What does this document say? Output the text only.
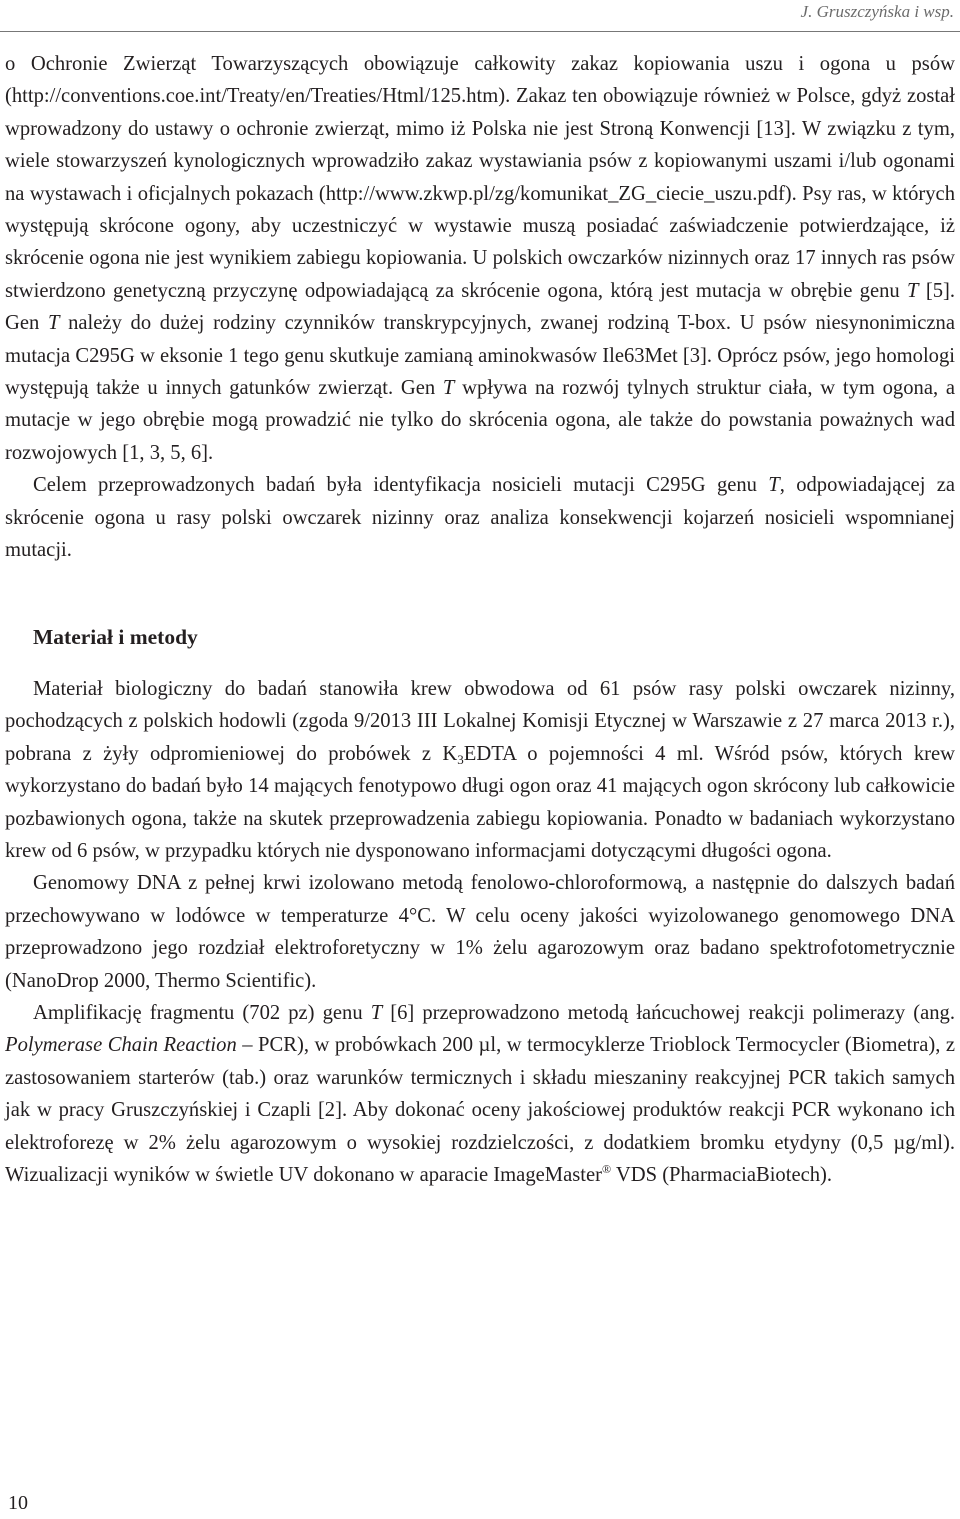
J. Gruszczyńska i wsp.

o Ochronie Zwierząt Towarzyszących obowiązuje całkowity zakaz kopiowania uszu i ogona u psów (http://conventions.coe.int/Treaty/en/Treaties/Html/125.htm). Zakaz ten obowiązuje również w Polsce, gdyż został wprowadzony do ustawy o ochronie zwierząt, mimo iż Polska nie jest Stroną Konwencji [13]. W związku z tym, wiele stowarzyszeń kynologicznych wprowadziło zakaz wystawiania psów z kopiowanymi uszami i/lub ogonami na wystawach i oficjalnych pokazach (http://www.zkwp.pl/zg/komunikat_ZG_ciecie_uszu.pdf). Psy ras, w których występują skrócone ogony, aby uczestniczyć w wystawie muszą posiadać zaświadczenie potwierdzające, iż skrócenie ogona nie jest wynikiem zabiegu kopiowania. U polskich owczarków nizinnych oraz 17 innych ras psów stwierdzono genetyczną przyczynę odpowiadającą za skrócenie ogona, którą jest mutacja w obrębie genu T [5]. Gen T należy do dużej rodziny czynników transkrypcyjnych, zwanej rodziną T-box. U psów niesynonimiczna mutacja C295G w eksonie 1 tego genu skutkuje zamianą aminokwasów Ile63Met [3]. Oprócz psów, jego homologi występują także u innych gatunków zwierząt. Gen T wpływa na rozwój tylnych struktur ciała, w tym ogona, a mutacje w jego obrębie mogą prowadzić nie tylko do skrócenia ogona, ale także do powstania poważnych wad rozwojowych [1, 3, 5, 6].

Celem przeprowadzonych badań była identyfikacja nosicieli mutacji C295G genu T, odpowiadającej za skrócenie ogona u rasy polski owczarek nizinny oraz analiza konsekwencji kojarzeń nosicieli wspomnianej mutacji.

Materiał i metody

Materiał biologiczny do badań stanowiła krew obwodowa od 61 psów rasy polski owczarek nizinny, pochodzących z polskich hodowli (zgoda 9/2013 III Lokalnej Komisji Etycznej w Warszawie z 27 marca 2013 r.), pobrana z żyły odpromieniowej do probówek z $K_3EDTA$ o pojemności 4 ml. Wśród psów, których krew wykorzystano do badań było 14 mających fenotypowo długi ogon oraz 41 mających ogon skrócony lub całkowicie pozbawionych ogona, także na skutek przeprowadzenia zabiegu kopiowania. Ponadto w badaniach wykorzystano krew od 6 psów, w przypadku których nie dysponowano informacjami dotyczącymi długości ogona.

Genomowy DNA z pełnej krwi izolowano metodą fenolowo-chloroformową, a następnie do dalszych badań przechowywano w lodówce w temperaturze 4°C. W celu oceny jakości wyizolowanego genomowego DNA przeprowadzono jego rozdział elektroforetyczny w 1% żelu agarozowym oraz badano spektrofotometrycznie (NanoDrop 2000, Thermo Scientific).

Amplifikację fragmentu (702 pz) genu T [6] przeprowadzono metodą łańcuchowej reakcji polimerazy (ang. Polymerase Chain Reaction – PCR), w probówkach 200 µl, w termocyklerze Trioblock Termocycler (Biometra), z zastosowaniem starterów (tab.) oraz warunków termicznych i składu mieszaniny reakcyjnej PCR takich samych jak w pracy Gruszczyńskiej i Czapli [2]. Aby dokonać oceny jakościowej produktów reakcji PCR wykonano ich elektroforezę w 2% żelu agarozowym o wysokiej rozdzielczości, z dodatkiem bromku etydyny (0,5 µg/ml). Wizualizacji wyników w świetle UV dokonano w aparacie ImageMaster® VDS (PharmaciaBiotech).

10
